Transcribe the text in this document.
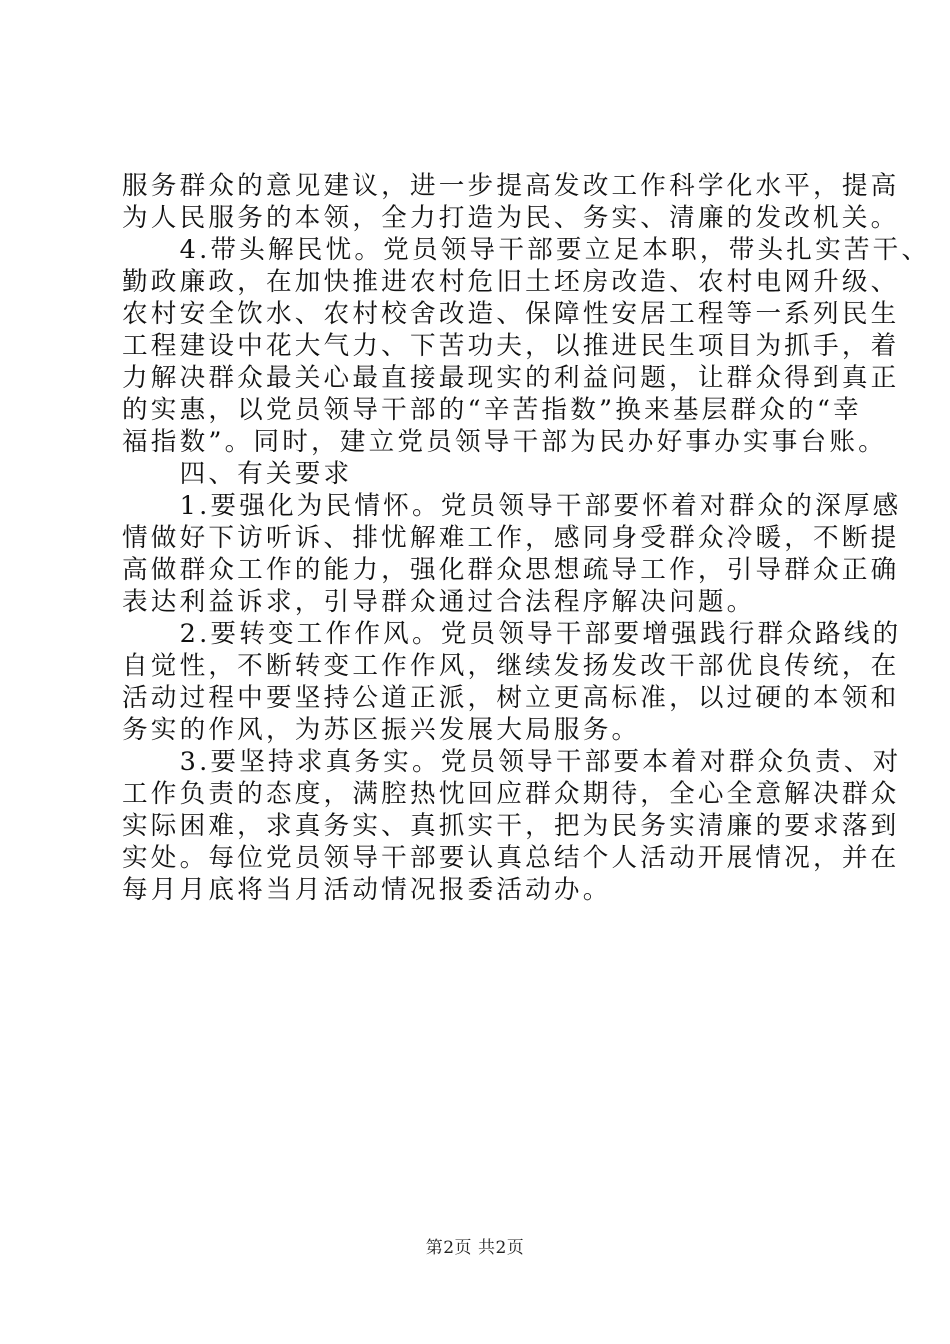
服务群众的意见建议，进一步提高发改工作科学化水平，提高
为人民服务的本领，全力打造为民、务实、清廉的发改机关。
　　4.带头解民忧。党员领导干部要立足本职，带头扎实苦干、
勤政廉政，在加快推进农村危旧土坯房改造、农村电网升级、
农村安全饮水、农村校舍改造、保障性安居工程等一系列民生
工程建设中花大气力、下苦功夫，以推进民生项目为抓手，着
力解决群众最关心最直接最现实的利益问题，让群众得到真正
的实惠，以党员领导干部的“辛苦指数”换来基层群众的“幸
福指数”。同时，建立党员领导干部为民办好事办实事台账。
　　四、有关要求
　　1.要强化为民情怀。党员领导干部要怀着对群众的深厚感
情做好下访听诉、排忧解难工作，感同身受群众冷暖，不断提
高做群众工作的能力，强化群众思想疏导工作，引导群众正确
表达利益诉求，引导群众通过合法程序解决问题。
　　2.要转变工作作风。党员领导干部要增强践行群众路线的
自觉性，不断转变工作作风，继续发扬发改干部优良传统，在
活动过程中要坚持公道正派，树立更高标准，以过硬的本领和
务实的作风，为苏区振兴发展大局服务。
　　3.要坚持求真务实。党员领导干部要本着对群众负责、对
工作负责的态度，满腔热忱回应群众期待，全心全意解决群众
实际困难，求真务实、真抓实干，把为民务实清廉的要求落到
实处。每位党员领导干部要认真总结个人活动开展情况，并在
每月月底将当月活动情况报委活动办。
第2页 共2页
